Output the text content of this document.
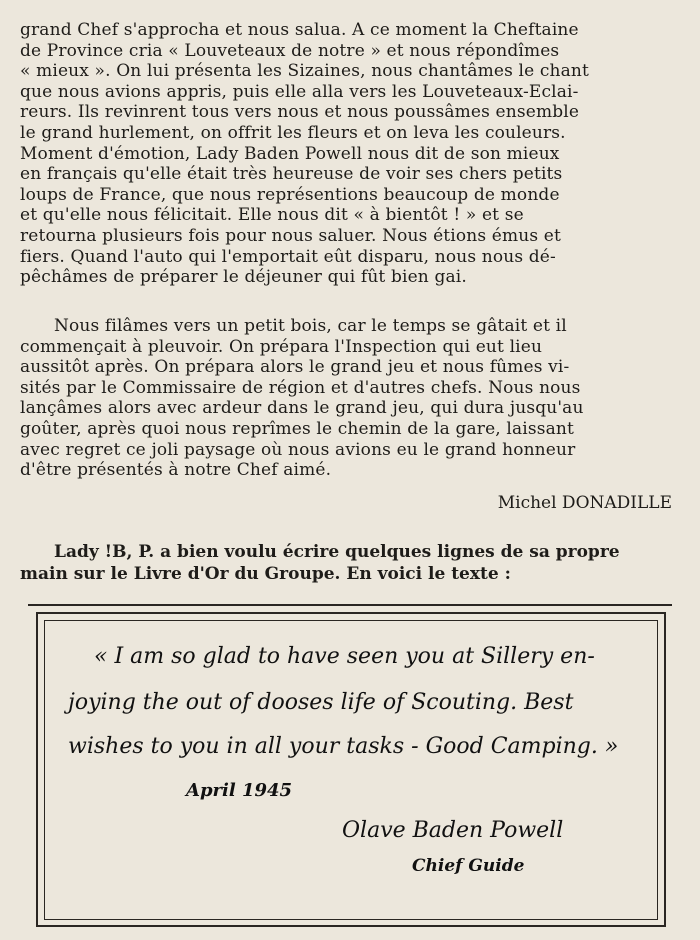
grand Chef s'approcha et nous salua. A ce moment la Cheftaine
de Province cria « Louveteaux de notre » et nous répondîmes
« mieux ». On lui présenta les Sizaines, nous chantâmes le chant
que nous avions appris, puis elle alla vers les Louveteaux-Eclai-
reurs. Ils revinrent tous vers nous et nous poussâmes ensemble
le grand hurlement, on offrit les fleurs et on leva les couleurs.
Moment d'émotion, Lady Baden Powell nous dit de son mieux
en français qu'elle était très heureuse de voir ses chers petits
loups de France, que nous représentions beaucoup de monde
et qu'elle nous félicitait. Elle nous dit « à bientôt ! » et se
retourna plusieurs fois pour nous saluer. Nous étions émus et
fiers. Quand l'auto qui l'emportait eût disparu, nous nous dé-
pêchâmes de préparer le déjeuner qui fût bien gai.
Nous filâmes vers un petit bois, car le temps se gâtait et il
commençait à pleuvoir. On prépara l'Inspection qui eut lieu
aussitôt après. On prépara alors le grand jeu et nous fûmes vi-
sités par le Commissaire de région et d'autres chefs. Nous nous
lançâmes alors avec ardeur dans le grand jeu, qui dura jusqu'au
goûter, après quoi nous reprîmes le chemin de la gare, laissant
avec regret ce joli paysage où nous avions eu le grand honneur
d'être présentés à notre Chef aimé.

Michel DONADILLE

Lady !B, P. a bien voulu écrire quelques lignes de sa propre
main sur le Livre d'Or du Groupe. En voici le texte :

« I am so glad to have seen you at Sillery en-

joying the out of dooses life of Scouting. Best

wishes to you in all your tasks - Good Camping. »

April 1945

Olave Baden Powell

Chief Guide
